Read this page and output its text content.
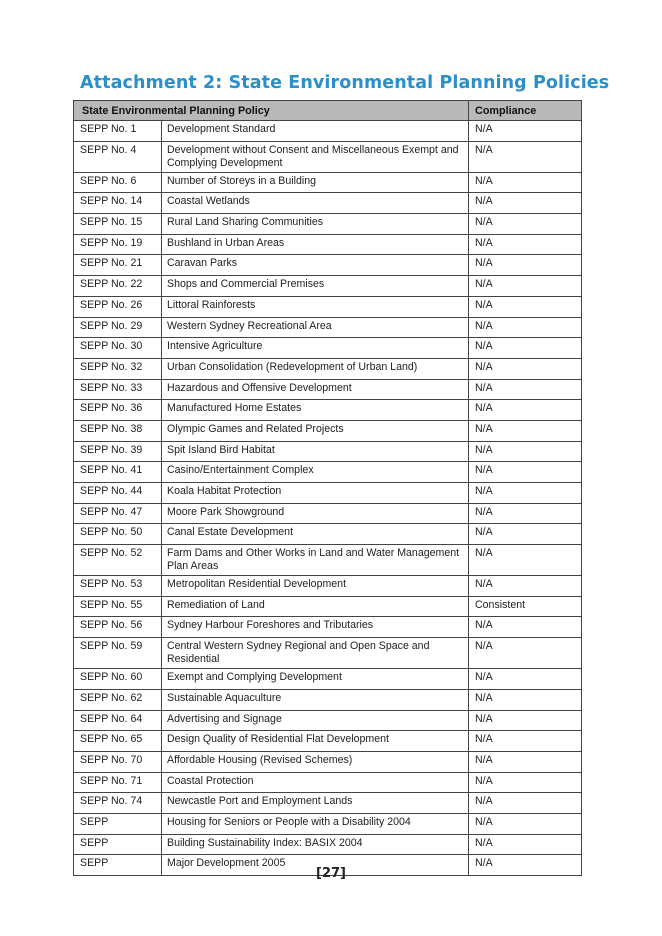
Attachment 2: State Environmental Planning Policies
State Environmental Planning Policy		Compliance
SEPP No. 1	Development Standard	N/A
SEPP No. 4	Development without Consent and Miscellaneous Exempt and Complying Development	N/A
SEPP No. 6	Number of Storeys in a Building	N/A
SEPP No. 14	Coastal Wetlands	N/A
SEPP No. 15	Rural Land Sharing Communities	N/A
SEPP No. 19	Bushland in Urban Areas	N/A
SEPP No. 21	Caravan Parks	N/A
SEPP No. 22	Shops and Commercial Premises	N/A
SEPP No. 26	Littoral Rainforests	N/A
SEPP No. 29	Western Sydney Recreational Area	N/A
SEPP No. 30	Intensive Agriculture	N/A
SEPP No. 32	Urban Consolidation (Redevelopment of Urban Land)	N/A
SEPP No. 33	Hazardous and Offensive Development	N/A
SEPP No. 36	Manufactured Home Estates	N/A
SEPP No. 38	Olympic Games and Related Projects	N/A
SEPP No. 39	Spit Island Bird Habitat	N/A
SEPP No. 41	Casino/Entertainment Complex	N/A
SEPP No. 44	Koala Habitat Protection	N/A
SEPP No. 47	Moore Park Showground	N/A
SEPP No. 50	Canal Estate Development	N/A
SEPP No. 52	Farm Dams and Other Works in Land and Water Management Plan Areas	N/A
SEPP No. 53	Metropolitan Residential Development	N/A
SEPP No. 55	Remediation of Land	Consistent
SEPP No. 56	Sydney Harbour Foreshores and Tributaries	N/A
SEPP No. 59	Central Western Sydney Regional and Open Space and Residential	N/A
SEPP No. 60	Exempt and Complying Development	N/A
SEPP No. 62	Sustainable Aquaculture	N/A
SEPP No. 64	Advertising and Signage	N/A
SEPP No. 65	Design Quality of Residential Flat Development	N/A
SEPP No. 70	Affordable Housing (Revised Schemes)	N/A
SEPP No. 71	Coastal Protection	N/A
SEPP No. 74	Newcastle Port and Employment Lands	N/A
SEPP	Housing for Seniors or People with a Disability 2004	N/A
SEPP	Building Sustainability Index: BASIX 2004	N/A
SEPP	Major Development 2005	N/A
[27]
